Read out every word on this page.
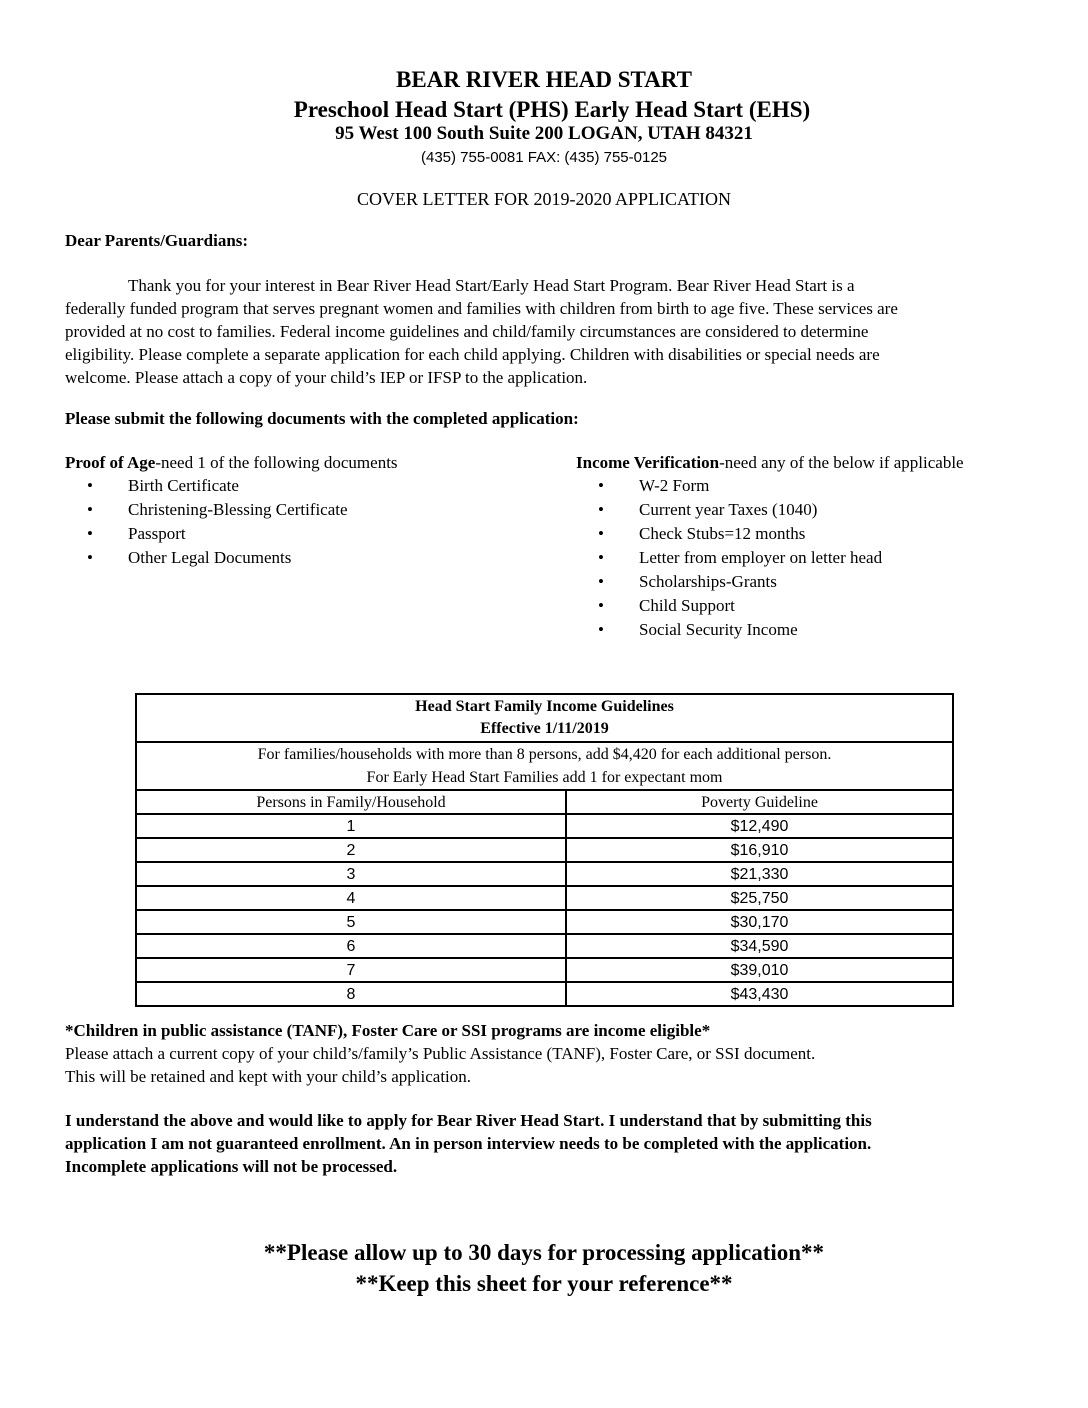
BEAR RIVER HEAD START
Preschool Head Start (PHS) Early Head Start (EHS)
95 West 100 South Suite 200 LOGAN, UTAH 84321
(435) 755-0081 FAX: (435) 755-0125
COVER LETTER FOR 2019-2020 APPLICATION
Dear Parents/Guardians:
Thank you for your interest in Bear River Head Start/Early Head Start Program. Bear River Head Start is a
federally funded program that serves pregnant women and families with children from birth to age five. These services are
provided at no cost to families. Federal income guidelines and child/family circumstances are considered to determine
eligibility. Please complete a separate application for each child applying. Children with disabilities or special needs are
welcome. Please attach a copy of your child’s IEP or IFSP to the application.
Please submit the following documents with the completed application:
Proof of Age-need 1 of the following documents
• Birth Certificate
• Christening-Blessing Certificate
• Passport
• Other Legal Documents
Income Verification-need any of the below if applicable
• W-2 Form
• Current year Taxes (1040)
• Check Stubs=12 months
• Letter from employer on letter head
• Scholarships-Grants
• Child Support
• Social Security Income
Head Start Family Income Guidelines
Effective 1/11/2019	

For families/households with more than 8 persons, add $4,420 for each additional person.
For Early Head Start Families add 1 for expectant mom	

Persons in Family/Household	Poverty Guideline
1	$12,490
2	$16,910
3	$21,330
4	$25,750
5	$30,170
6	$34,590
7	$39,010
8	$43,430
*Children in public assistance (TANF), Foster Care or SSI programs are income eligible*
Please attach a current copy of your child’s/family’s Public Assistance (TANF), Foster Care, or SSI document.
This will be retained and kept with your child’s application.
I understand the above and would like to apply for Bear River Head Start. I understand that by submitting this
application I am not guaranteed enrollment. An in person interview needs to be completed with the application.
Incomplete applications will not be processed.
**Please allow up to 30 days for processing application**
**Keep this sheet for your reference**
